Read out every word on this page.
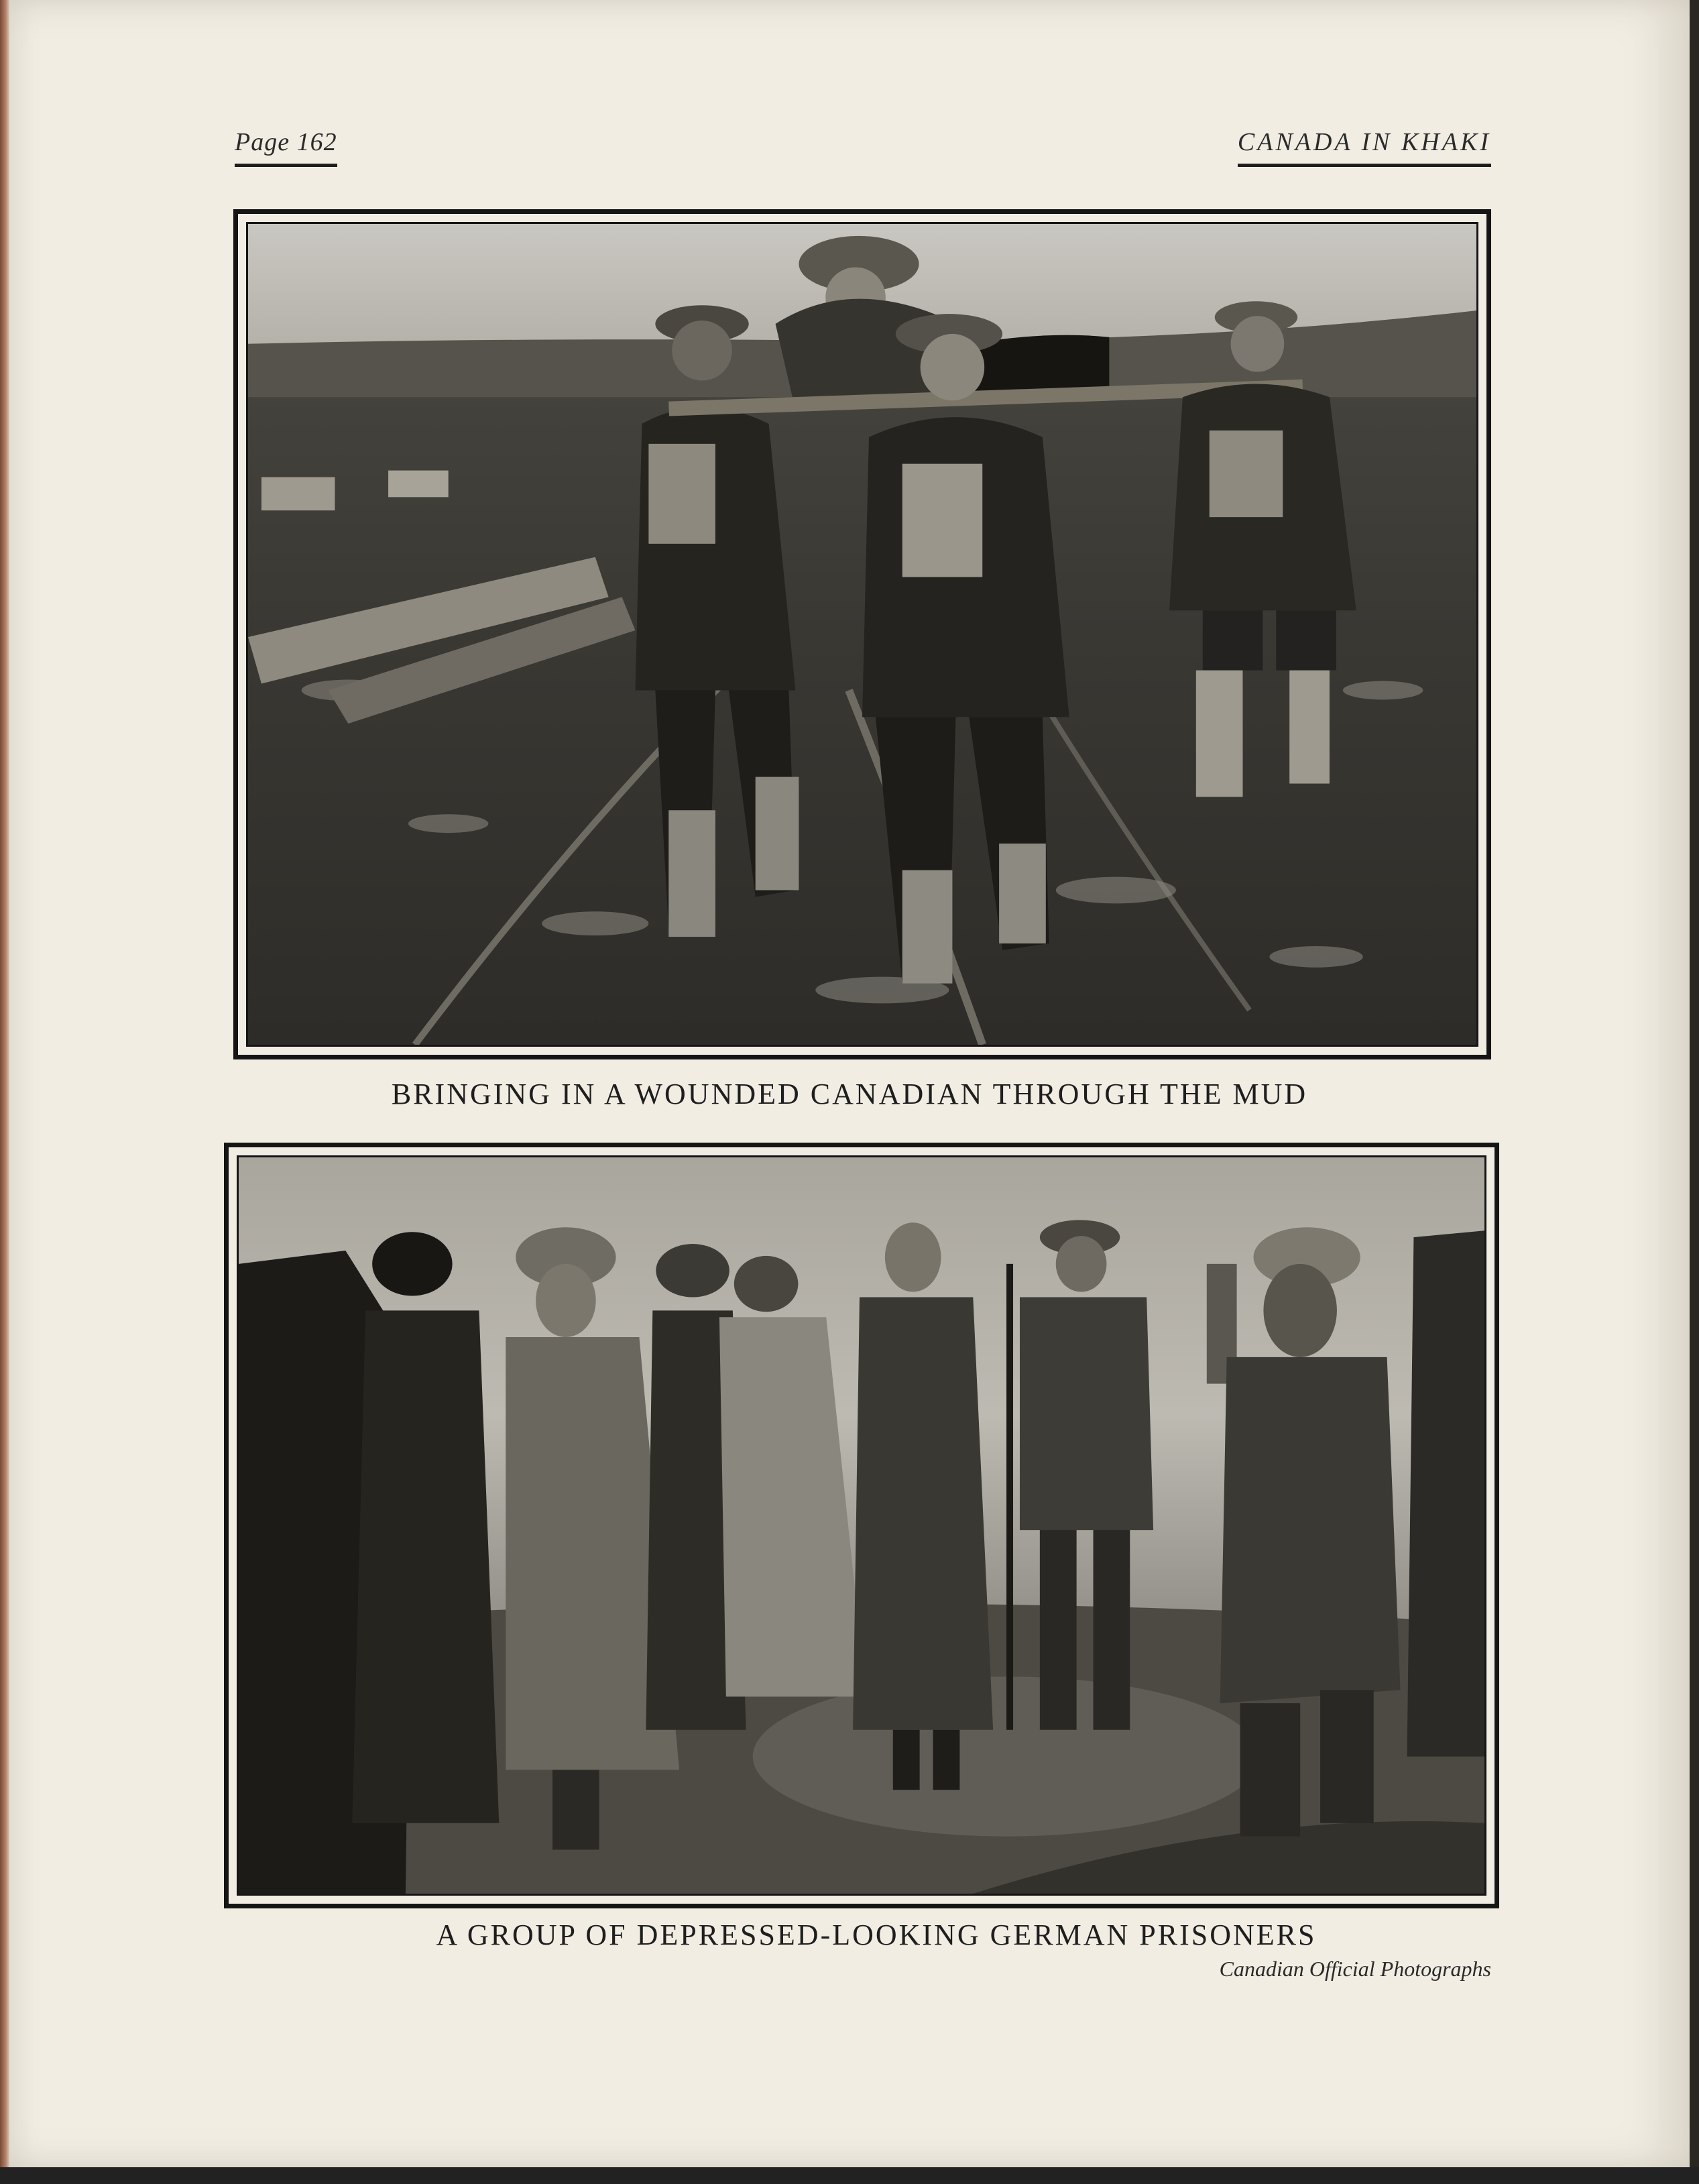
Page 162	CANADA IN KHAKI
BRINGING IN A WOUNDED CANADIAN THROUGH THE MUD
A GROUP OF DEPRESSED-LOOKING GERMAN PRISONERS
Canadian Official Photographs
